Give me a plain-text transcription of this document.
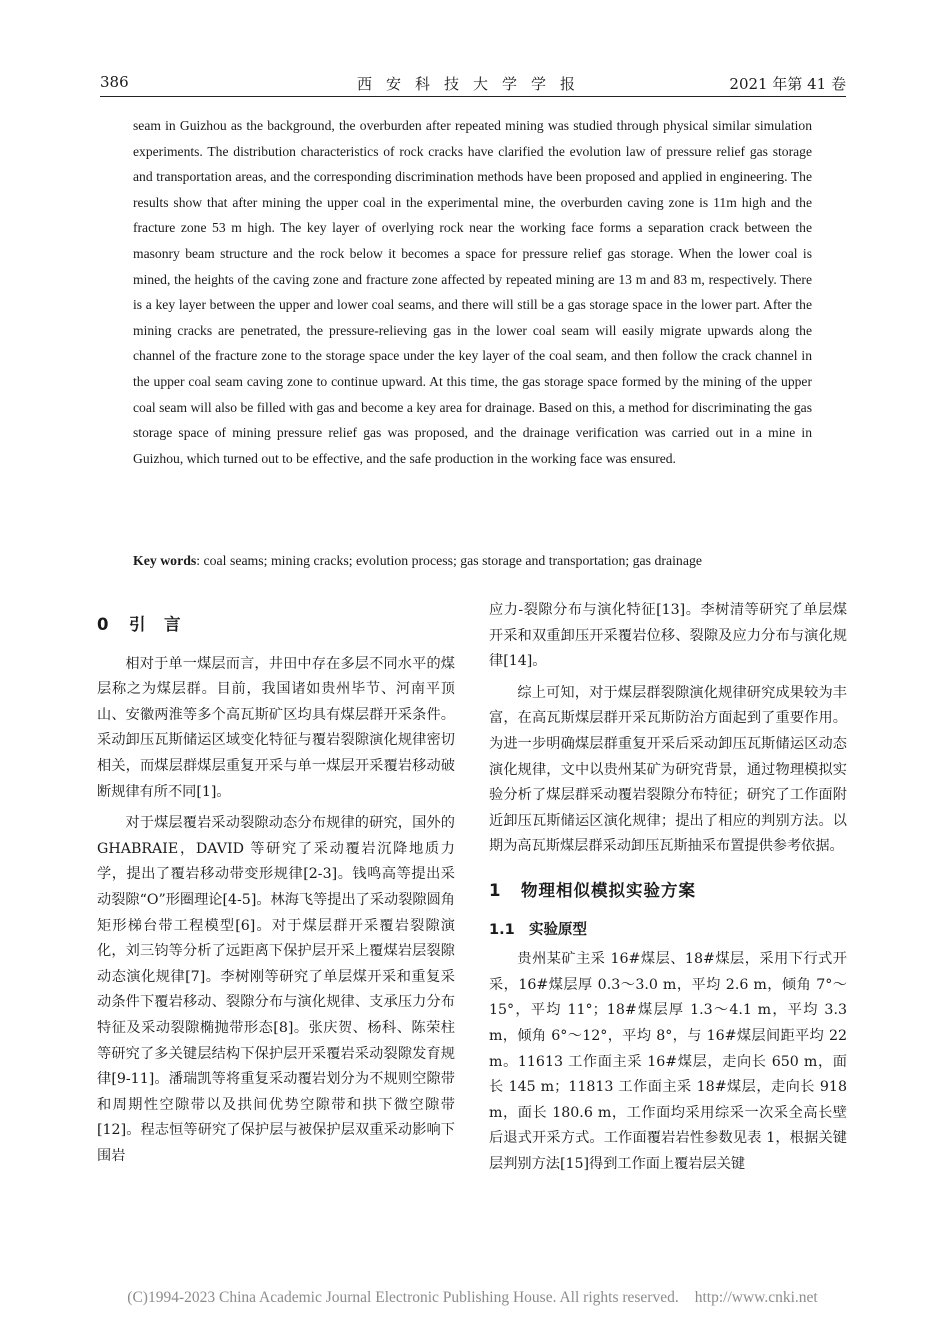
386	西安科技大学学报	2021 年第 41 卷
seam in Guizhou as the background, the overburden after repeated mining was studied through physical similar simulation experiments. The distribution characteristics of rock cracks have clarified the evolution law of pressure relief gas storage and transportation areas, and the corresponding discrimination methods have been proposed and applied in engineering. The results show that after mining the upper coal in the experimental mine, the overburden caving zone is 11m high and the fracture zone 53 m high. The key layer of overlying rock near the working face forms a separation crack between the masonry beam structure and the rock below it becomes a space for pressure relief gas storage. When the lower coal is mined, the heights of the caving zone and fracture zone affected by repeated mining are 13 m and 83 m, respectively. There is a key layer between the upper and lower coal seams, and there will still be a gas storage space in the lower part. After the mining cracks are penetrated, the pressure-relieving gas in the lower coal seam will easily migrate upwards along the channel of the fracture zone to the storage space under the key layer of the coal seam, and then follow the crack channel in the upper coal seam caving zone to continue upward. At this time, the gas storage space formed by the mining of the upper coal seam will also be filled with gas and become a key area for drainage. Based on this, a method for discriminating the gas storage space of mining pressure relief gas was proposed, and the drainage verification was carried out in a mine in Guizhou, which turned out to be effective, and the safe production in the working face was ensured.
Key words: coal seams; mining cracks; evolution process; gas storage and transportation; gas drainage
0 引　言

相对于单一煤层而言，井田中存在多层不同水平的煤层称之为煤层群。目前，我国诸如贵州毕节、河南平顶山、安徽两淮等多个高瓦斯矿区均具有煤层群开采条件。采动卸压瓦斯储运区域变化特征与覆岩裂隙演化规律密切相关，而煤层群煤层重复开采与单一煤层开采覆岩移动破断规律有所不同[1]。

对于煤层覆岩采动裂隙动态分布规律的研究，国外的 GHABRAIE，DAVID 等研究了采动覆岩沉降地质力学，提出了覆岩移动带变形规律[2-3]。钱鸣高等提出采动裂隙“O”形圈理论[4-5]。林海飞等提出了采动裂隙圆角矩形梯台带工程模型[6]。对于煤层群开采覆岩裂隙演化，刘三钧等分析了远距离下保护层开采上覆煤岩层裂隙动态演化规律[7]。李树刚等研究了单层煤开采和重复采动条件下覆岩移动、裂隙分布与演化规律、支承压力分布特征及采动裂隙椭抛带形态[8]。张庆贺、杨科、陈荣柱等研究了多关键层结构下保护层开采覆岩采动裂隙发育规律[9-11]。潘瑞凯等将重复采动覆岩划分为不规则空隙带和周期性空隙带以及拱间优势空隙带和拱下微空隙带[12]。程志恒等研究了保护层与被保护层双重采动影响下围岩

应力-裂隙分布与演化特征[13]。李树清等研究了单层煤开采和双重卸压开采覆岩位移、裂隙及应力分布与演化规律[14]。

综上可知，对于煤层群裂隙演化规律研究成果较为丰富，在高瓦斯煤层群开采瓦斯防治方面起到了重要作用。为进一步明确煤层群重复开采后采动卸压瓦斯储运区动态演化规律，文中以贵州某矿为研究背景，通过物理模拟实验分析了煤层群采动覆岩裂隙分布特征；研究了工作面附近卸压瓦斯储运区演化规律；提出了相应的判别方法。以期为高瓦斯煤层群采动卸压瓦斯抽采布置提供参考依据。

1 物理相似模拟实验方案
1.1 实验原型

贵州某矿主采 16#煤层、18#煤层，采用下行式开采，16#煤层厚 0.3～3.0 m，平均 2.6 m，倾角 7°～15°，平均 11°；18#煤层厚 1.3～4.1 m，平均 3.3 m，倾角 6°～12°，平均 8°，与 16#煤层间距平均 22 m。11613 工作面主采 16#煤层，走向长 650 m，面长 145 m；11813 工作面主采 18#煤层，走向长 918 m，面长 180.6 m，工作面均采用综采一次采全高长壁后退式开采方式。工作面覆岩岩性参数见表 1，根据关键层判别方法[15]得到工作面上覆岩层关键

(C)1994-2023 China Academic Journal Electronic Publishing House. All rights reserved. http://www.cnki.net
